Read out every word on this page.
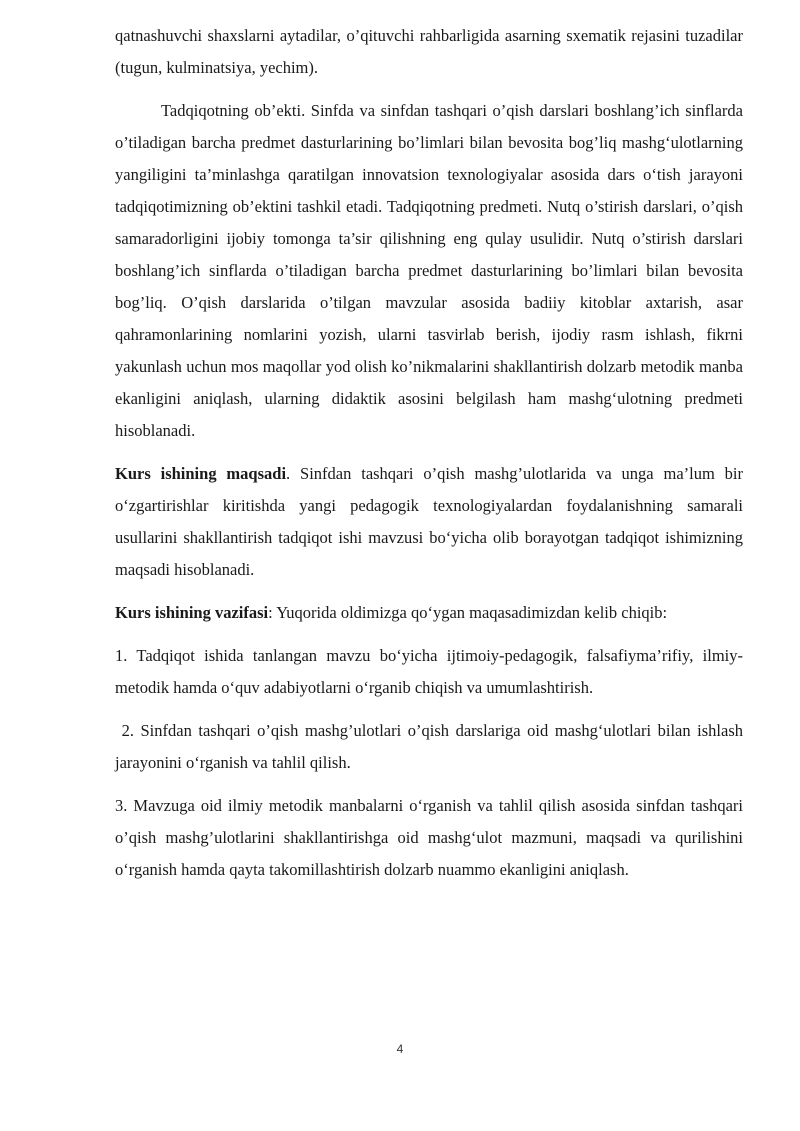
qatnashuvchi shaxslarni aytadilar, o’qituvchi rahbarligida asarning sxematik rejasini tuzadilar (tugun, kulminatsiya, yechim).

Tadqiqotning ob’ekti. Sinfda va sinfdan tashqari o’qish darslari boshlang’ich sinflarda o’tiladigan barcha predmet dasturlarining bo’limlari bilan bevosita bog’liq mashg‘ulotlarning yangiligini ta’minlashga qaratilgan innovatsion texnologiyalar asosida dars o‘tish jarayoni tadqiqotimizning ob’ektini tashkil etadi. Tadqiqotning predmeti. Nutq o’stirish darslari, o’qish samaradorligini ijobiy tomonga ta’sir qilishning eng qulay usulidir. Nutq o’stirish darslari boshlang’ich sinflarda o’tiladigan barcha predmet dasturlarining bo’limlari bilan bevosita bog’liq. O’qish darslarida o’tilgan mavzular asosida badiiy kitoblar axtarish, asar qahramonlarining nomlarini yozish, ularni tasvirlab berish, ijodiy rasm ishlash, fikrni yakunlash uchun mos maqollar yod olish ko’nikmalarini shakllantirish dolzarb metodik manba ekanligini aniqlash, ularning didaktik asosini belgilash ham mashg‘ulotning predmeti hisoblanadi.

Kurs ishining maqsadi. Sinfdan tashqari o’qish mashg’ulotlarida va unga ma’lum bir o‘zgartirishlar kiritishda yangi pedagogik texnologiyalardan foydalanishning samarali usullarini shakllantirish tadqiqot ishi mavzusi bo‘yicha olib borayotgan tadqiqot ishimizning maqsadi hisoblanadi.

Kurs ishining vazifasi: Yuqorida oldimizga qo‘ygan maqasadimizdan kelib chiqib:

1. Tadqiqot ishida tanlangan mavzu bo‘yicha ijtimoiy-pedagogik, falsafiyma’rifiy, ilmiy-metodik hamda o‘quv adabiyotlarni o‘rganib chiqish va umumlashtirish.

2. Sinfdan tashqari o’qish mashg’ulotlari o’qish darslariga oid mashg‘ulotlari bilan ishlash jarayonini o‘rganish va tahlil qilish.

3. Mavzuga oid ilmiy metodik manbalarni o‘rganish va tahlil qilish asosida sinfdan tashqari o’qish mashg’ulotlarini shakllantirishga oid mashg‘ulot mazmuni, maqsadi va qurilishini o‘rganish hamda qayta takomillashtirish dolzarb nuammo ekanligini aniqlash.

4
